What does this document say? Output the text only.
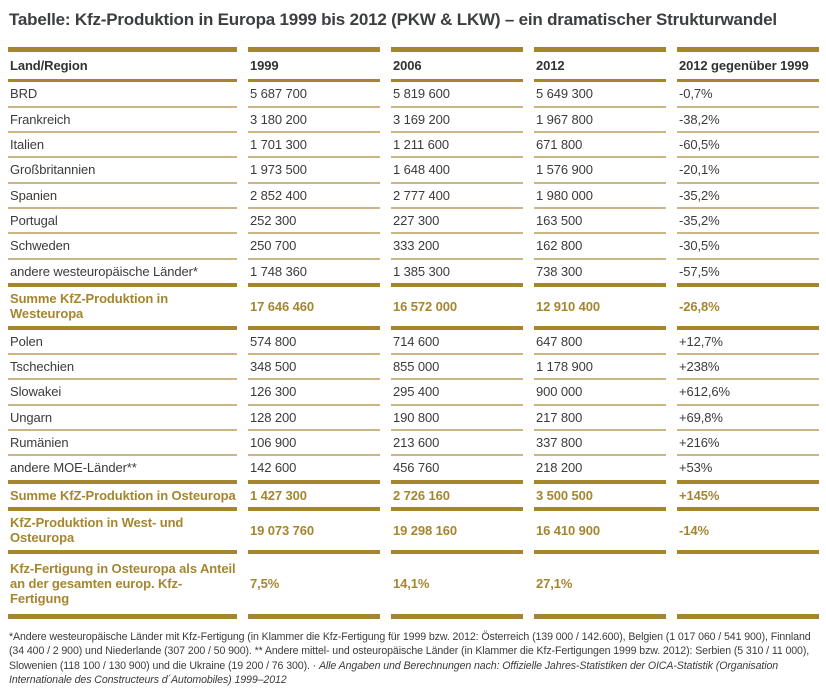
Tabelle: Kfz-Produktion in Europa 1999 bis 2012 (PKW & LKW) – ein dramatischer Strukturwandel
Land/Region	1999	2006	2012	2012 gegenüber 1999
BRD	5 687 700	5 819 600	5 649 300	-0,7%
Frankreich	3 180 200	3 169 200	1 967 800	-38,2%
Italien	1 701 300	1 211 600	671 800	-60,5%
Großbritannien	1 973 500	1 648 400	1 576 900	-20,1%
Spanien	2 852 400	2 777 400	1 980 000	-35,2%
Portugal	252 300	227 300	163 500	-35,2%
Schweden	250 700	333 200	162 800	-30,5%
andere westeuropäische Länder*	1 748 360	1 385 300	738 300	-57,5%
Summe KfZ-Produktion in Westeuropa	17 646 460	16 572 000	12 910 400	-26,8%
Polen	574 800	714 600	647 800	+12,7%
Tschechien	348 500	855 000	1 178 900	+238%
Slowakei	126 300	295 400	900 000	+612,6%
Ungarn	128 200	190 800	217 800	+69,8%
Rumänien	106 900	213 600	337 800	+216%
andere MOE-Länder**	142 600	456 760	218 200	+53%
Summe KfZ-Produktion in Osteuropa	1 427 300	2 726 160	3 500 500	+145%
KfZ-Produktion in West- und Osteuropa	19 073 760	19 298 160	16 410 900	-14%
Kfz-Fertigung in Osteuropa als Anteil an der gesamten europ. Kfz-Fertigung	7,5%	14,1%	27,1%	

*Andere westeuropäische Länder mit Kfz-Fertigung (in Klammer die Kfz-Fertigung für 1999 bzw. 2012: Österreich (139 000 / 142.600), Belgien (1 017 060 / 541 900), Finnland (34 400 / 2 900) und Niederlande (307 200 / 50 900). ** Andere mittel- und osteuropäische Länder (in Klammer die Kfz-Fertigungen 1999 bzw. 2012): Serbien (5 310 / 11 000), Slowenien (118 100 / 130 900) und die Ukraine (19 200 / 76 300). · Alle Angaben und Berechnungen nach: Offizielle Jahres-Statistiken der OICA-Statistik (Organisation Internationale des Constructeurs d´Automobiles) 1999–2012
